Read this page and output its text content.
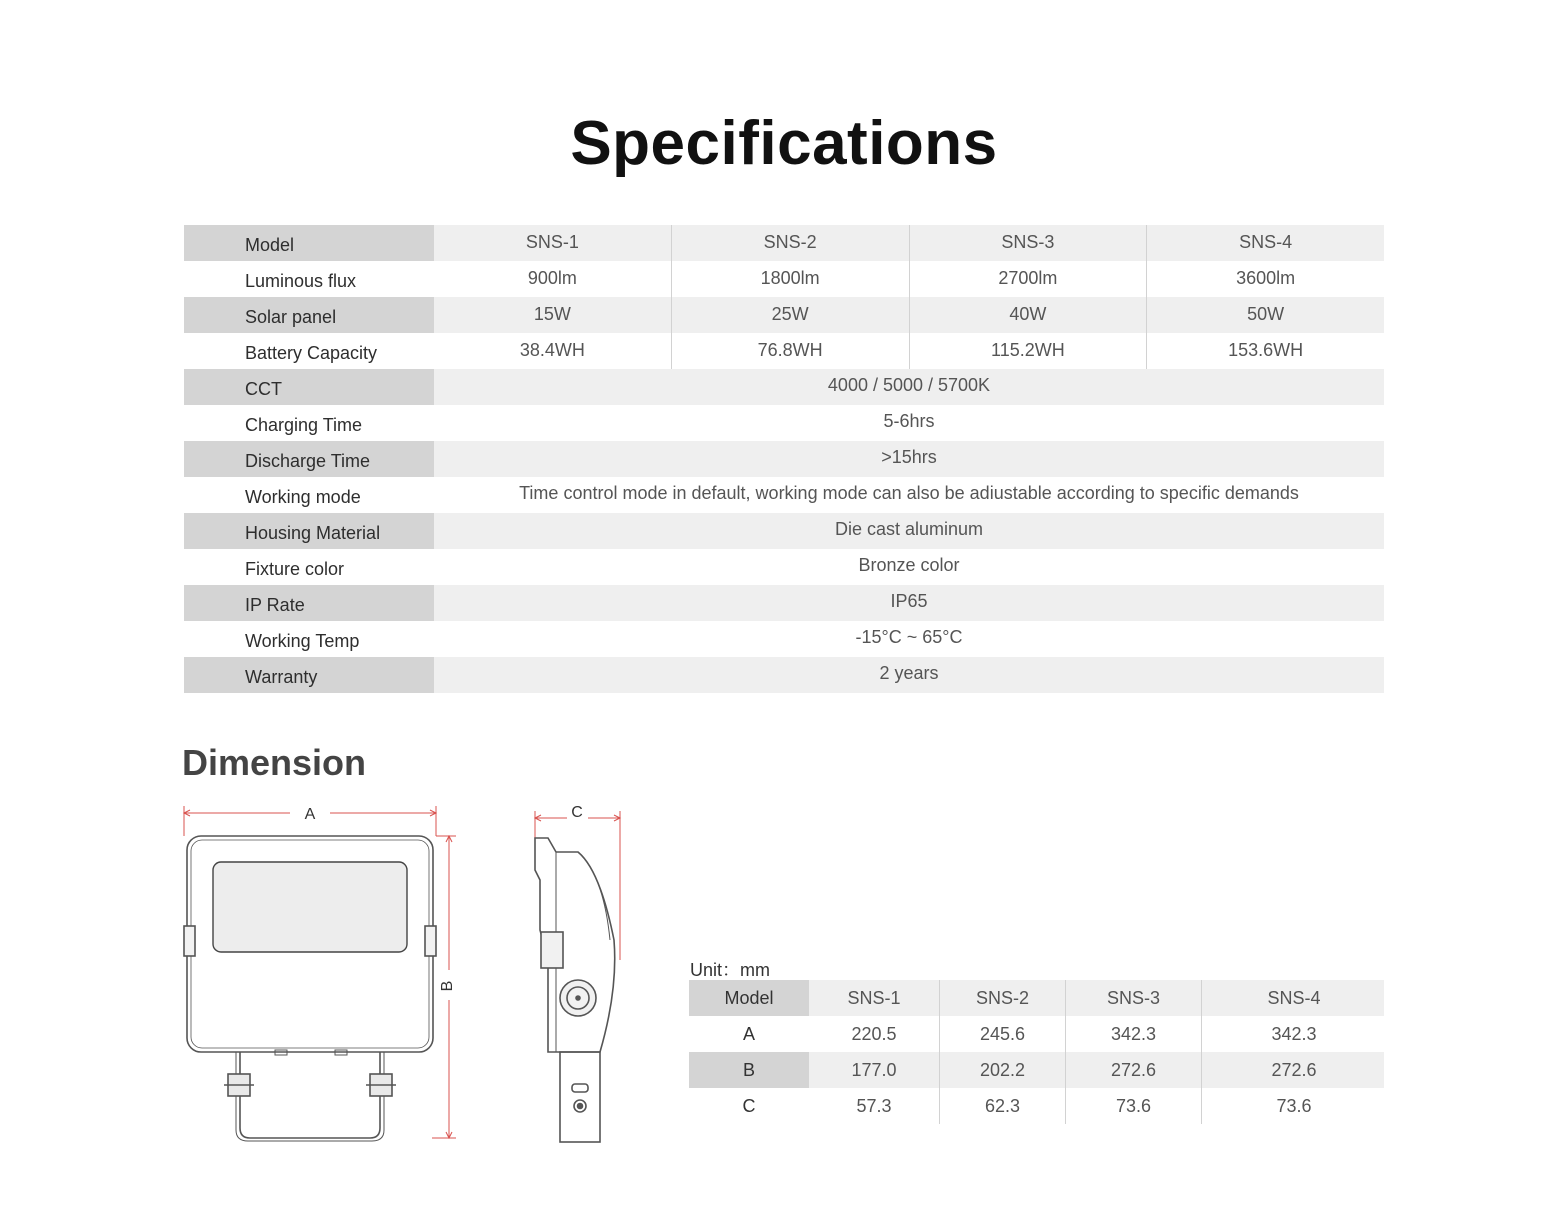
Specifications
Model	SNS-1	SNS-2	SNS-3	SNS-4
Luminous flux	900lm	1800lm	2700lm	3600lm
Solar panel	15W	25W	40W	50W
Battery Capacity	38.4WH	76.8WH	115.2WH	153.6WH
CCT	4000 / 5000 / 5700K
Charging Time	5-6hrs
Discharge Time	>15hrs
Working mode	Time control mode in default, working mode can also be adiustable according to specific demands
Housing Material	Die cast aluminum
Fixture color	Bronze color
IP Rate	IP65
Working Temp	-15°C ~ 65°C
Warranty	2 years
Dimension
A
B
C
Unit：mm
Model	SNS-1	SNS-2	SNS-3	SNS-4
A	220.5	245.6	342.3	342.3
B	177.0	202.2	272.6	272.6
C	57.3	62.3	73.6	73.6
